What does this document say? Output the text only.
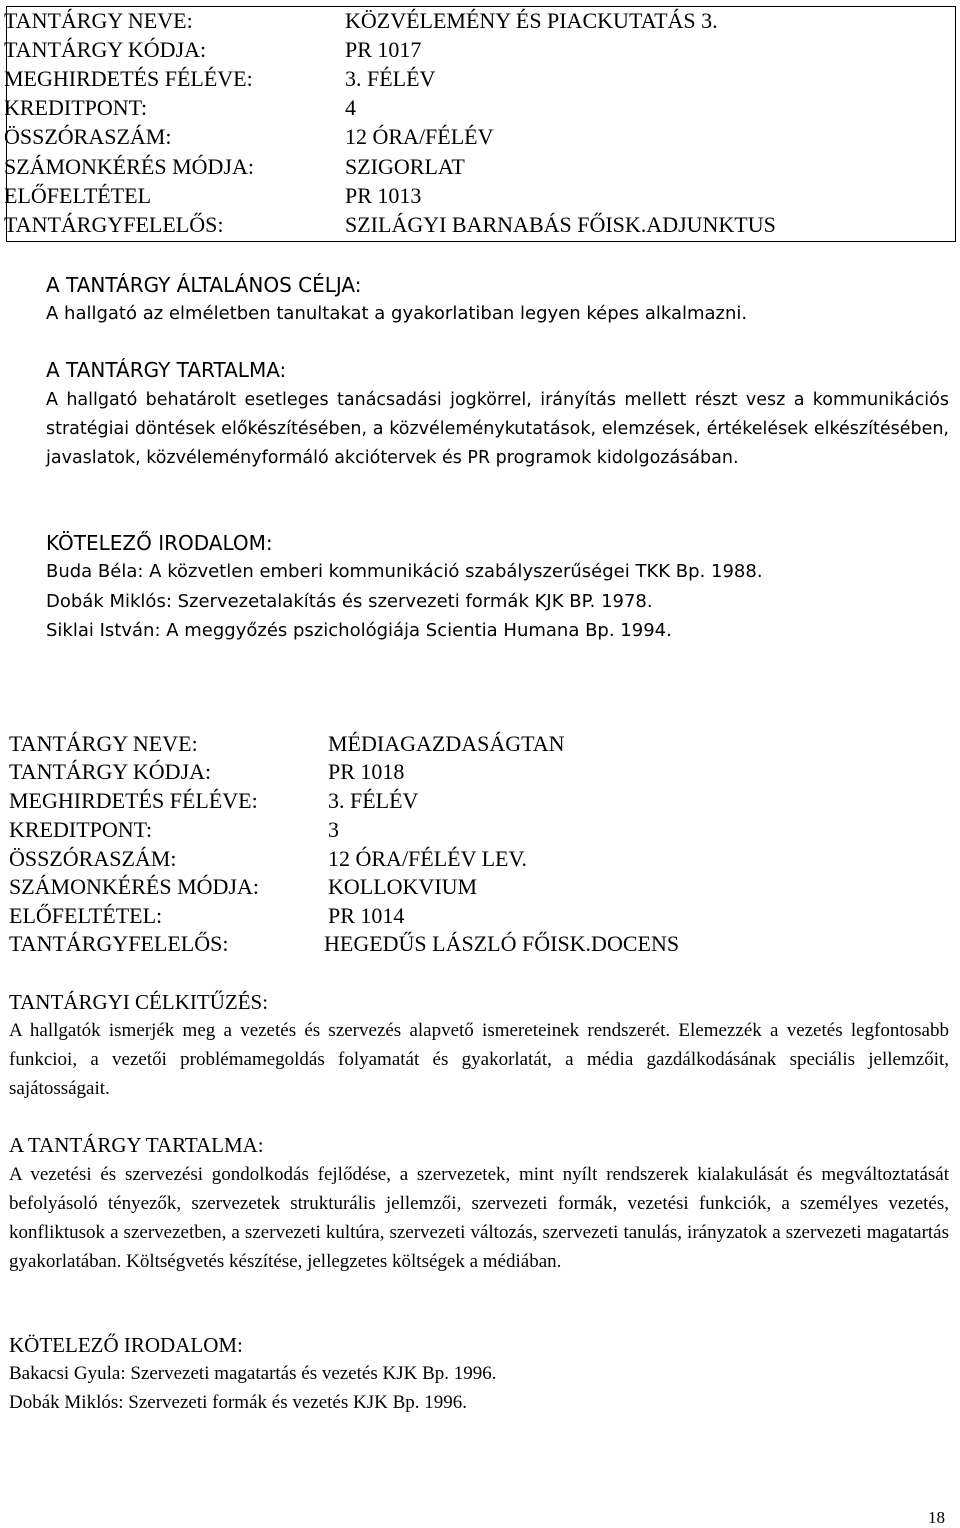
TANTÁRGY NEVE:	KÖZVÉLEMÉNY ÉS PIACKUTATÁS 3.
TANTÁRGY KÓDJA:	PR 1017
MEGHIRDETÉS FÉLÉVE:	3. FÉLÉV
KREDITPONT:	4
ÖSSZÓRASZÁM:	12 ÓRA/FÉLÉV
SZÁMONKÉRÉS MÓDJA:	SZIGORLAT
ELŐFELTÉTEL	PR 1013
TANTÁRGYFELELŐS:	SZILÁGYI BARNABÁS FŐISK.ADJUNKTUS
A TANTÁRGY ÁLTALÁNOS CÉLJA:
A hallgató az elméletben tanultakat a gyakorlatiban legyen képes alkalmazni.
A TANTÁRGY TARTALMA:
A hallgató behatárolt esetleges tanácsadási jogkörrel, irányítás mellett részt vesz a kommunikációs stratégiai döntések előkészítésében, a közvéleménykutatások, elemzések, értékelések elkészítésében, javaslatok, közvéleményformáló akciótervek és PR programok kidolgozásában.
KÖTELEZŐ IRODALOM:
Buda Béla: A közvetlen emberi kommunikáció szabályszerűségei TKK Bp. 1988.
Dobák Miklós: Szervezetalakítás és szervezeti formák KJK BP. 1978.
Siklai István: A meggyőzés pszichológiája Scientia Humana Bp. 1994.
TANTÁRGY NEVE:	MÉDIAGAZDASÁGTAN
TANTÁRGY KÓDJA:	PR 1018
MEGHIRDETÉS FÉLÉVE:	3. FÉLÉV
KREDITPONT:	3
ÖSSZÓRASZÁM:	12 ÓRA/FÉLÉV LEV.
SZÁMONKÉRÉS MÓDJA:	KOLLOKVIUM
ELŐFELTÉTEL:	PR 1014
TANTÁRGYFELELŐS:	HEGEDŰS LÁSZLÓ FŐISK.DOCENS
TANTÁRGYI CÉLKITŰZÉS:
A hallgatók ismerjék meg a vezetés és szervezés alapvető ismereteinek rendszerét. Elemezzék a vezetés legfontosabb funkcioi, a vezetői problémamegoldás folyamatát és gyakorlatát, a média gazdálkodásának speciális jellemzőit, sajátosságait.
A TANTÁRGY TARTALMA:
A vezetési és szervezési gondolkodás fejlődése, a szervezetek, mint nyílt rendszerek kialakulását és megváltoztatását befolyásoló tényezők, szervezetek strukturális jellemzői, szervezeti formák, vezetési funkciók, a személyes vezetés, konfliktusok a szervezetben, a szervezeti kultúra, szervezeti változás, szervezeti tanulás, irányzatok a szervezeti magatartás gyakorlatában. Költségvetés készítése, jellegzetes költségek a médiában.
KÖTELEZŐ IRODALOM:
Bakacsi Gyula: Szervezeti magatartás és vezetés KJK Bp. 1996.
Dobák Miklós: Szervezeti formák és vezetés KJK Bp. 1996.
18
